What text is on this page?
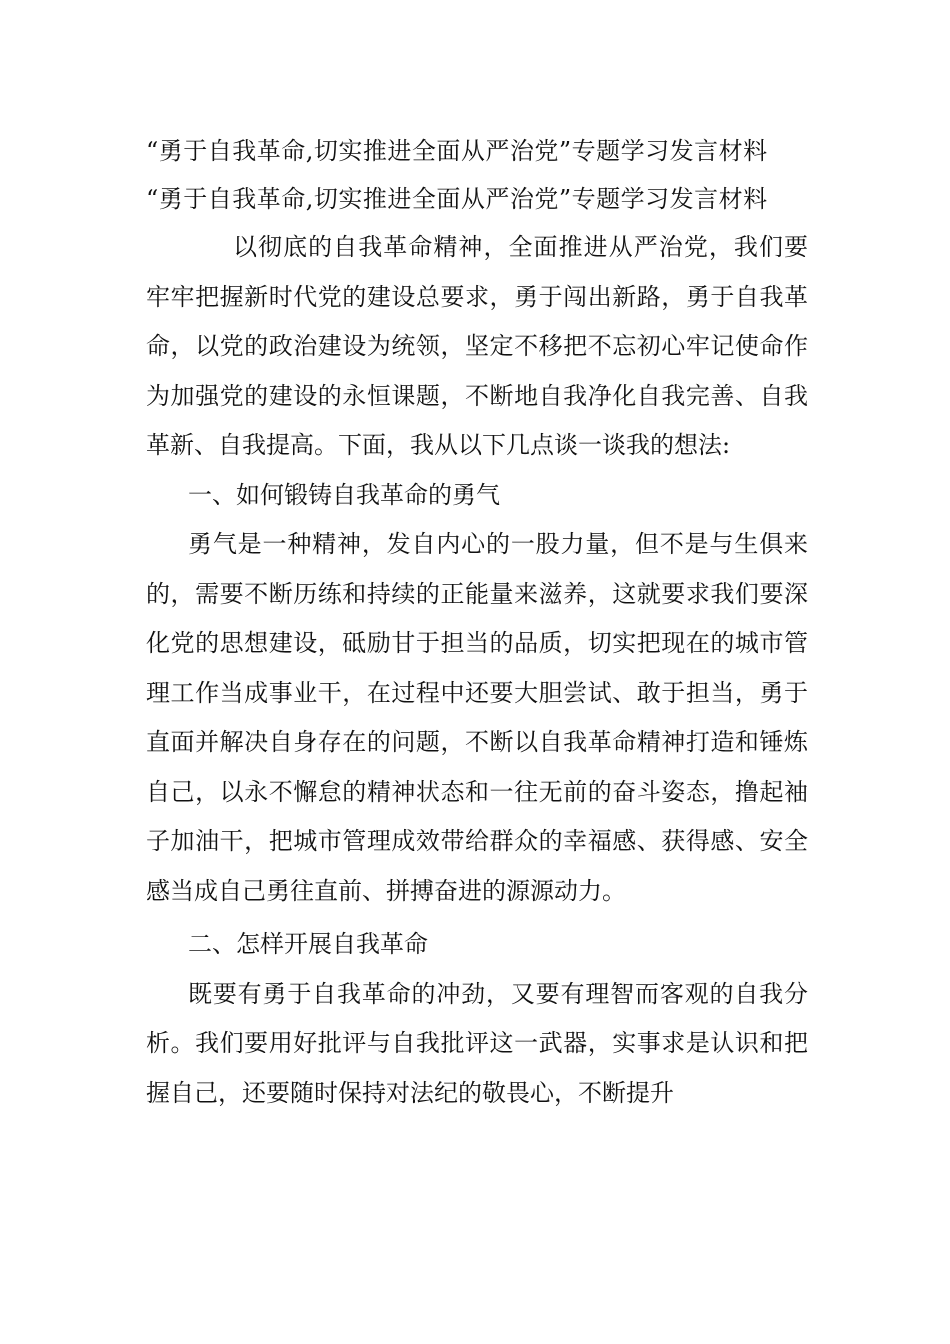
“勇于自我革命,切实推进全面从严治党”专题学习发言材料

“勇于自我革命,切实推进全面从严治党”专题学习发言材料

以彻底的自我革命精神，全面推进从严治党，我们要牢牢把握新时代党的建设总要求，勇于闯出新路，勇于自我革命，以党的政治建设为统领，坚定不移把不忘初心牢记使命作为加强党的建设的永恒课题，不断地自我净化自我完善、自我革新、自我提高。下面，我从以下几点谈一谈我的想法:

一、如何锻铸自我革命的勇气

勇气是一种精神，发自内心的一股力量，但不是与生俱来的，需要不断历练和持续的正能量来滋养，这就要求我们要深化党的思想建设，砥励甘于担当的品质，切实把现在的城市管理工作当成事业干，在过程中还要大胆尝试、敢于担当，勇于直面并解决自身存在的问题，不断以自我革命精神打造和锤炼自己，以永不懈怠的精神状态和一往无前的奋斗姿态，撸起袖子加油干，把城市管理成效带给群众的幸福感、获得感、安全感当成自己勇往直前、拼搏奋进的源源动力。

二、怎样开展自我革命

既要有勇于自我革命的冲劲，又要有理智而客观的自我分析。我们要用好批评与自我批评这一武器，实事求是认识和把握自己，还要随时保持对法纪的敬畏心，不断提升
